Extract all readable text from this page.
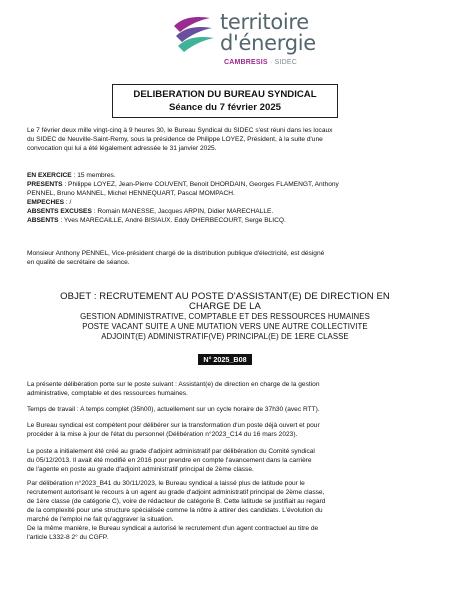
territoire
d'énergie
CAMBRESIS · SIDEC
DELIBERATION DU BUREAU SYNDICAL
Séance du 7 février 2025

Le 7 février deux mille vingt-cinq à 9 heures 30, le Bureau Syndical du SIDEC s'est réuni dans les locaux

du SIDEC de Neuville-Saint-Remy, sous la présidence de Philippe LOYEZ, Président, à la suite d'une

convocation qui lui a été légalement adressée le 31 janvier 2025.

EN EXERCICE : 15 membres.

PRESENTS : Philippe LOYEZ, Jean-Pierre COUVENT, Benoit DHORDAIN, Georges FLAMENGT, Anthony

PENNEL, Bruno MANNEL, Michel HENNEQUART, Pascal MOMPACH.

EMPECHES : /

ABSENTS EXCUSES : Romain MANESSE, Jacques ARPIN, Didier MARECHALLE.

ABSENTS : Yves MARECAILLE, André BISIAUX. Eddy DHERBECOURT, Serge BLICQ.

Monsieur Anthony PENNEL, Vice-président chargé de la distribution publique d'électricité, est désigné

en qualité de secrétaire de séance.

OBJET : RECRUTEMENT AU POSTE D'ASSISTANT(E) DE DIRECTION EN CHARGE DE LA
GESTION ADMINISTRATIVE, COMPTABLE ET DES RESSOURCES HUMAINES
POSTE VACANT SUITE A UNE MUTATION VERS UNE AUTRE COLLECTIVITE
ADJOINT(E) ADMINISTRATIF(VE) PRINCIPAL(E) DE 1ERE CLASSE
N° 2025_B08

La présente délibération porte sur le poste suivant : Assistant(e) de direction en charge de la gestion

administrative, comptable et des ressources humaines.

Temps de travail : A temps complet (35h00), actuellement sur un cycle horaire de 37h30 (avec RTT).

Le Bureau syndical est compétent pour délibérer sur la transformation d'un poste déjà ouvert et pour

procéder à la mise à jour de l'état du personnel (Délibération n°2023_C14 du 16 mars 2023).

Le poste a initialement été créé au grade d'adjoint administratif par délibération du Comité syndical

du 05/12/2013. Il avait été modifié en 2016 pour prendre en compte l'avancement dans la carrière

de l'agente en poste au grade d'adjoint administratif principal de 2ème classe.

Par délibération n°2023_B41 du 30/11/2023, le Bureau syndical a laissé plus de latitude pour le

recrutement autorisant le recours à un agent au grade d'adjoint administratif principal de 2ème classe,

de 1ère classe (de catégorie C), voire de rédacteur de catégorie B. Cette latitude se justifiait au regard

de la complexité pour une structure spécialisée comme la nôtre à attirer des candidats. L'évolution du

marché de l'emploi ne fait qu'aggraver la situation.

De la même manière, le Bureau syndical a autorisé le recrutement d'un agent contractuel au titre de

l'article L332-8 2° du CGFP.
